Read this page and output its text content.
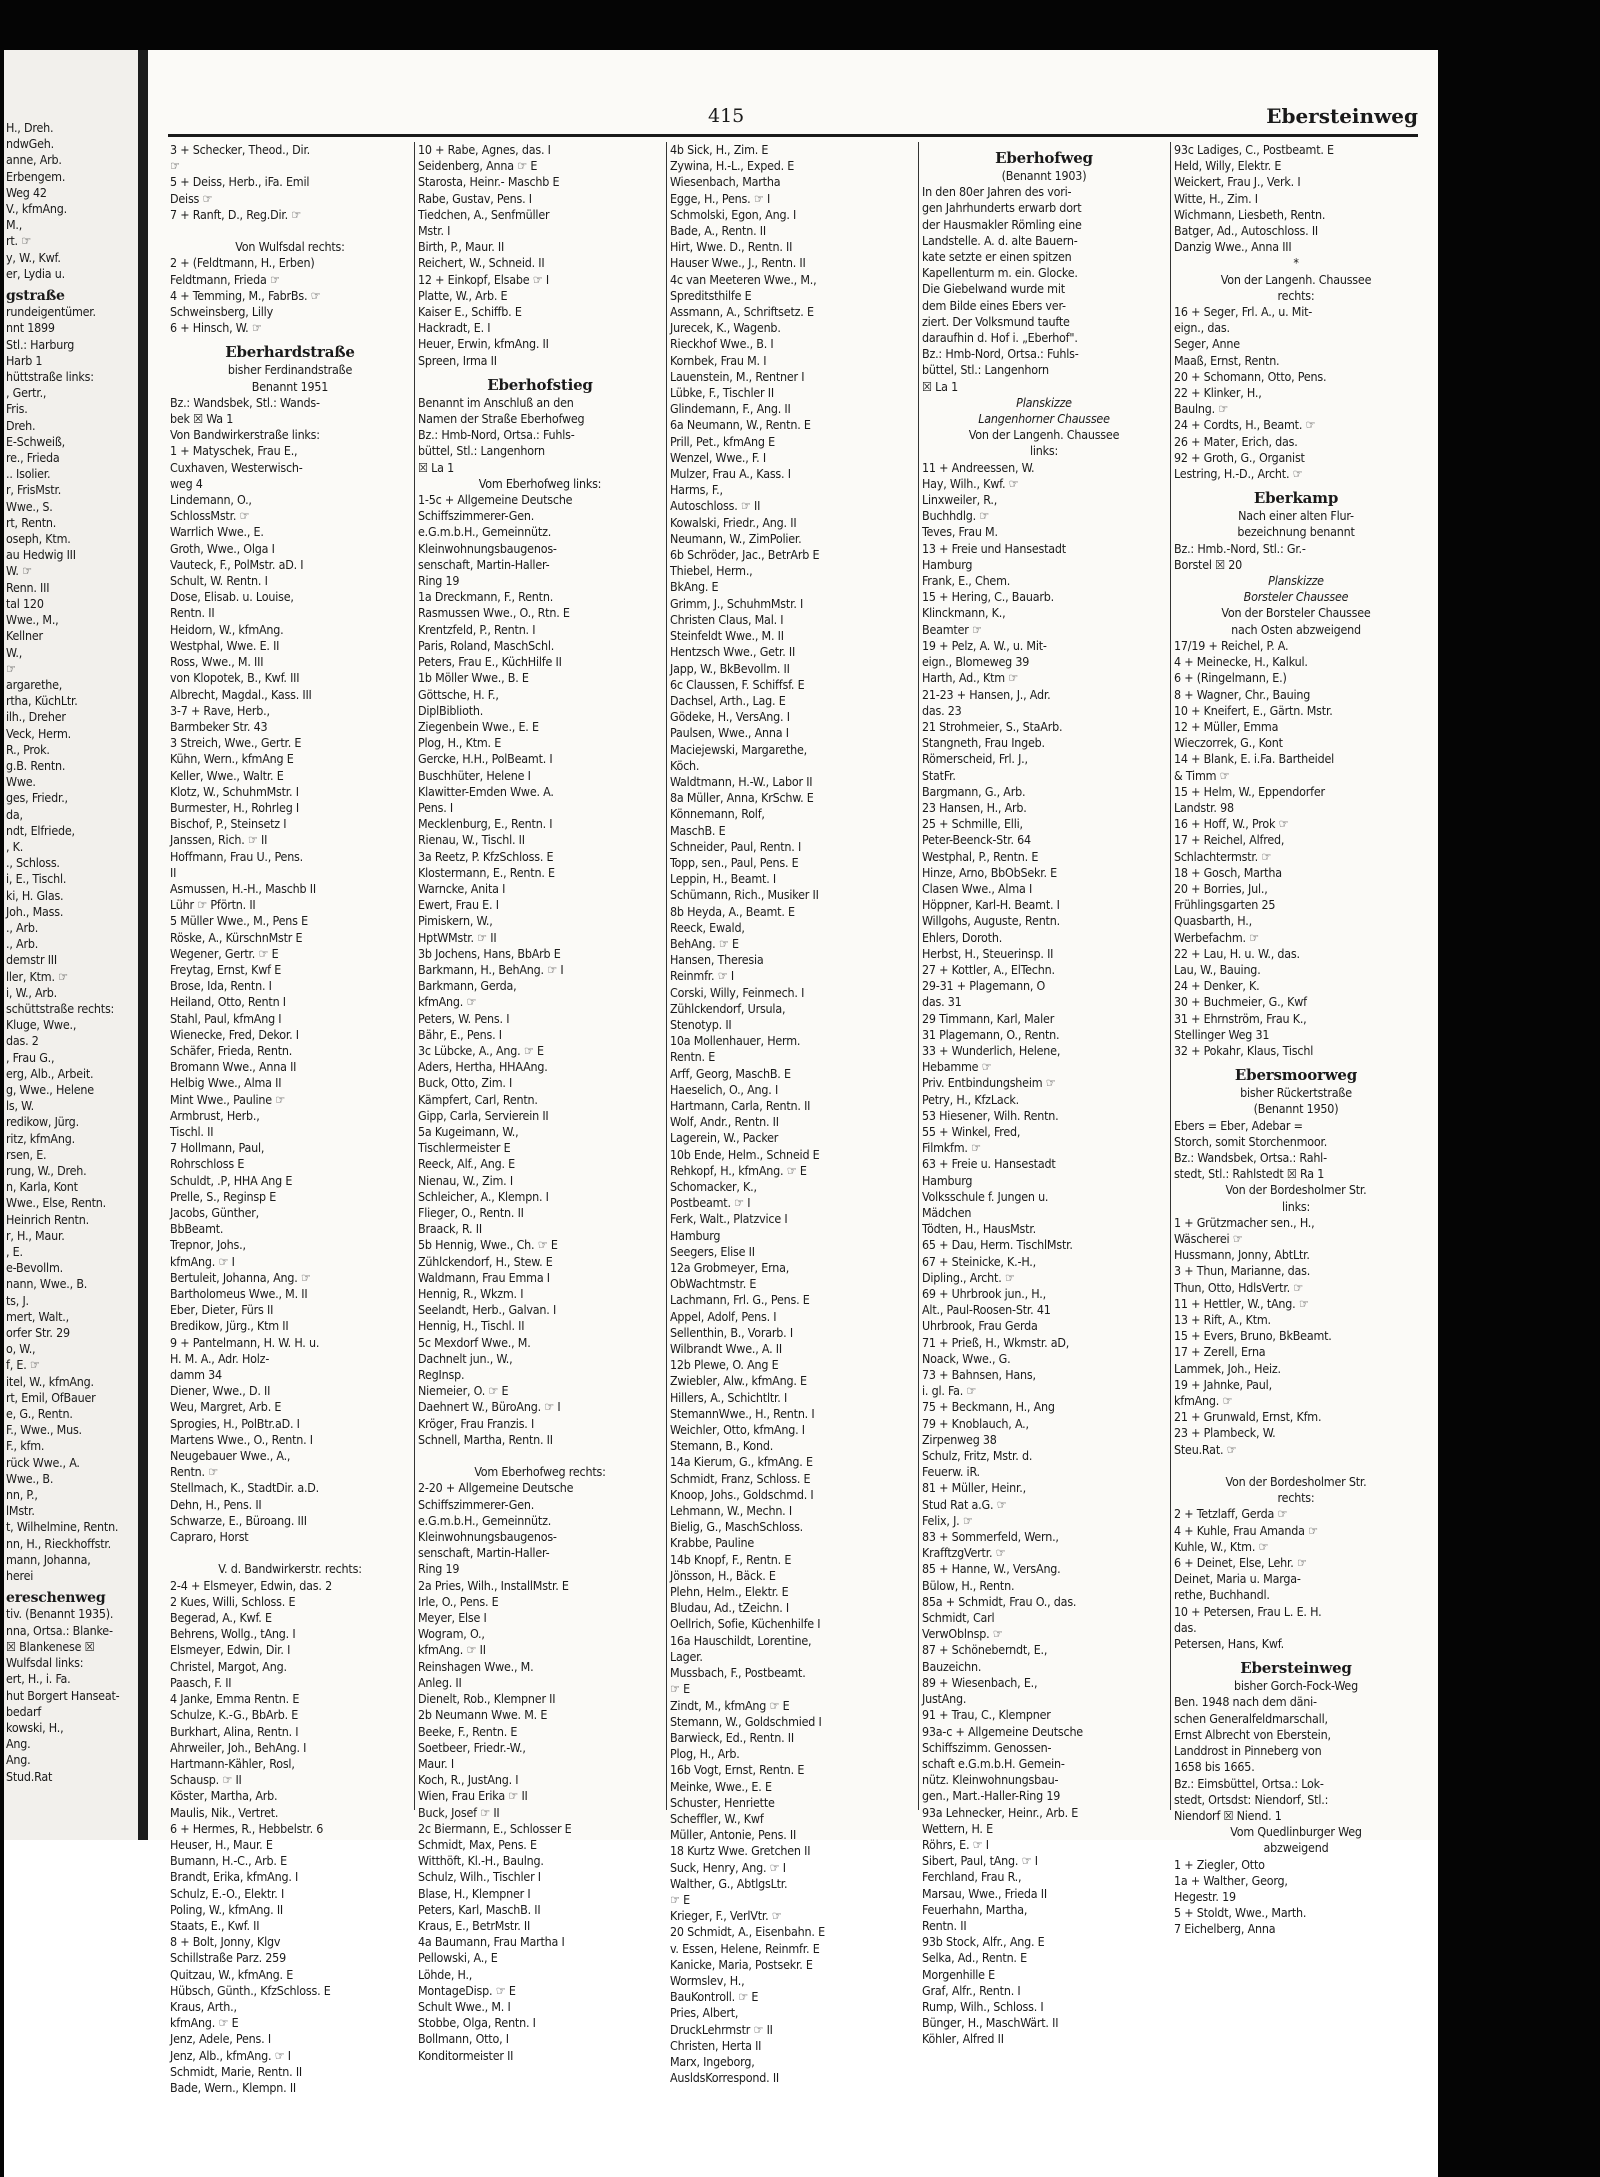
H., Dreh.
ndwGeh.
anne, Arb.
Erbengem.
Weg 42
V., kfmAng.
M.,
rt. ☞
y, W., Kwf.
er, Lydia u.
gstraße
rundeigentümer.
nnt 1899
Stl.: Harburg
Harb 1
hüttstraße links:
, Gertr.,
Fris.
Dreh.
E-Schweiß,
re., Frieda
.. Isolier.
r, FrisMstr.
Wwe., S.
rt, Rentn.
oseph, Ktm.
au Hedwig III
W. ☞
Renn. III
tal 120
Wwe., M.,
Kellner
W.,
☞
argarethe,
rtha, KüchLtr.
ilh., Dreher
Veck, Herm.
R., Prok.
g.B. Rentn.
Wwe.
ges, Friedr.,
da,
ndt, Elfriede,
, K.
., Schloss.
i, E., Tischl.
ki, H. Glas.
Joh., Mass.
., Arb.
., Arb.
demstr III
ller, Ktm. ☞
i, W., Arb.
schüttstraße rechts:
Kluge, Wwe.,
das. 2
, Frau G.,
erg, Alb., Arbeit.
g, Wwe., Helene
ls, W.
redikow, Jürg.
ritz, kfmAng.
rsen, E.
rung, W., Dreh.
n, Karla, Kont
Wwe., Else, Rentn.
Heinrich Rentn.
r, H., Maur.
, E.
e-Bevollm.
nann, Wwe., B.
ts, J.
mert, Walt.,
orfer Str. 29
o, W.,
f, E. ☞
itel, W., kfmAng.
rt, Emil, OfBauer
e, G., Rentn.
F., Wwe., Mus.
F., kfm.
rück Wwe., A.
Wwe., B.
nn, P.,
lMstr.
t, Wilhelmine, Rentn.
nn, H., Rieckhoffstr.
mann, Johanna,
herei
ereschenweg
tiv. (Benannt 1935).
nna, Ortsa.: Blanke-
☒ Blankenese ☒
Wulfsdal links:
ert, H., i. Fa.
hut Borgert Hanseat-
bedarf
kowski, H.,
Ang.
Ang.
Stud.Rat
415	Ebersteinweg
3 + Schecker, Theod., Dir.
☞
5 + Deiss, Herb., iFa. Emil
Deiss ☞
7 + Ranft, D., Reg.Dir. ☞

Von Wulfsdal rechts:
2 + (Feldtmann, H., Erben)
Feldtmann, Frieda ☞
4 + Temming, M., FabrBs. ☞
Schweinsberg, Lilly
6 + Hinsch, W. ☞
Eberhardstraße
bisher Ferdinandstraße
Benannt 1951
Bz.: Wandsbek, Stl.: Wands-
bek ☒ Wa 1
Von Bandwirkerstraße links:
1 + Matyschek, Frau E.,
Cuxhaven, Westerwisch-
weg 4
Lindemann, O.,
SchlossMstr. ☞
Warrlich Wwe., E.
Groth, Wwe., Olga I
Vauteck, F., PolMstr. aD. I
Schult, W. Rentn. I
Dose, Elisab. u. Louise,
Rentn. II
Heidorn, W., kfmAng.
Westphal, Wwe. E. II
Ross, Wwe., M. III
von Klopotek, B., Kwf. III
Albrecht, Magdal., Kass. III
3-7 + Rave, Herb.,
Barmbeker Str. 43
3 Streich, Wwe., Gertr. E
Kühn, Wern., kfmAng E
Keller, Wwe., Waltr. E
Klotz, W., SchuhmMstr. I
Burmester, H., Rohrleg I
Bischof, P., Steinsetz I
Janssen, Rich. ☞ II
Hoffmann, Frau U., Pens.
II
Asmussen, H.-H., Maschb II
Lühr ☞ Pförtn. II
5 Müller Wwe., M., Pens E
Röske, A., KürschnMstr E
Wegener, Gertr. ☞ E
Freytag, Ernst, Kwf E
Brose, Ida, Rentn. I
Heiland, Otto, Rentn I
Stahl, Paul, kfmAng I
Wienecke, Fred, Dekor. I
Schäfer, Frieda, Rentn.
Bromann Wwe., Anna II
Helbig Wwe., Alma II
Mint Wwe., Pauline ☞
Armbrust, Herb.,
Tischl. II
7 Hollmann, Paul,
Rohrschloss E
Schuldt, .P, HHA Ang E
Prelle, S., Reginsp E
Jacobs, Günther,
BbBeamt.
Trepnor, Johs.,
kfmAng. ☞ I
Bertuleit, Johanna, Ang. ☞
Bartholomeus Wwe., M. II
Eber, Dieter, Fürs II
Bredikow, Jürg., Ktm II
9 + Pantelmann, H. W. H. u.
H. M. A., Adr. Holz-
damm 34
Diener, Wwe., D. II
Weu, Margret, Arb. E
Sprogies, H., PolBtr.aD. I
Martens Wwe., O., Rentn. I
Neugebauer Wwe., A.,
Rentn. ☞
Stellmach, K., StadtDir. a.D.
Dehn, H., Pens. II
Schwarze, E., Büroang. III
Capraro, Horst

V. d. Bandwirkerstr. rechts:
2-4 + Elsmeyer, Edwin, das. 2
2 Kues, Willi, Schloss. E
Begerad, A., Kwf. E
Behrens, Wollg., tAng. I
Elsmeyer, Edwin, Dir. I
Christel, Margot, Ang.
Paasch, F. II
4 Janke, Emma Rentn. E
Schulze, K.-G., BbArb. E
Burkhart, Alina, Rentn. I
Ahrweiler, Joh., BehAng. I
Hartmann-Kähler, Rosl,
Schausp. ☞ II
Köster, Martha, Arb.
Maulis, Nik., Vertret.
6 + Hermes, R., Hebbelstr. 6
Heuser, H., Maur. E
Bumann, H.-C., Arb. E
Brandt, Erika, kfmAng. I
Schulz, E.-O., Elektr. I
Poling, W., kfmAng. II
Staats, E., Kwf. II
8 + Bolt, Jonny, Klgv
Schillstraße Parz. 259
Quitzau, W., kfmAng. E
Hübsch, Günth., KfzSchloss. E
Kraus, Arth.,
kfmAng. ☞ E
Jenz, Adele, Pens. I
Jenz, Alb., kfmAng. ☞ I
Schmidt, Marie, Rentn. II
Bade, Wern., Klempn. II
10 + Rabe, Agnes, das. I
Seidenberg, Anna ☞ E
Starosta, Heinr.- Maschb E
Rabe, Gustav, Pens. I
Tiedchen, A., Senfmüller
Mstr. I
Birth, P., Maur. II
Reichert, W., Schneid. II
12 + Einkopf, Elsabe ☞ I
Platte, W., Arb. E
Kaiser E., Schiffb. E
Hackradt, E. I
Heuer, Erwin, kfmAng. II
Spreen, Irma II
Eberhofstieg
Benannt im Anschluß an den
Namen der Straße Eberhofweg
Bz.: Hmb-Nord, Ortsa.: Fuhls-
büttel, Stl.: Langenhorn
☒ La 1
Vom Eberhofweg links:
1-5c + Allgemeine Deutsche
Schiffszimmerer-Gen.
e.G.m.b.H., Gemeinnütz.
Kleinwohnungsbaugenos-
senschaft, Martin-Haller-
Ring 19
1a Dreckmann, F., Rentn.
Rasmussen Wwe., O., Rtn. E
Krentzfeld, P., Rentn. I
Paris, Roland, MaschSchl.
Peters, Frau E., KüchHilfe II
1b Möller Wwe., B. E
Göttsche, H. F.,
DiplBiblioth.
Ziegenbein Wwe., E. E
Plog, H., Ktm. E
Gercke, H.H., PolBeamt. I
Buschhüter, Helene I
Klawitter-Emden Wwe. A.
Pens. I
Mecklenburg, E., Rentn. I
Rienau, W., Tischl. II
3a Reetz, P. KfzSchloss. E
Klostermann, E., Rentn. E
Warncke, Anita I
Ewert, Frau E. I
Pimiskern, W.,
HptWMstr. ☞ II
3b Jochens, Hans, BbArb E
Barkmann, H., BehAng. ☞ I
Barkmann, Gerda,
kfmAng. ☞
Peters, W. Pens. I
Bähr, E., Pens. I
3c Lübcke, A., Ang. ☞ E
Aders, Hertha, HHAAng.
Buck, Otto, Zim. I
Kämpfert, Carl, Rentn.
Gipp, Carla, Servierein II
5a Kugeimann, W.,
Tischlermeister E
Reeck, Alf., Ang. E
Nienau, W., Zim. I
Schleicher, A., Klempn. I
Flieger, O., Rentn. II
Braack, R. II
5b Hennig, Wwe., Ch. ☞ E
Zühlckendorf, H., Stew. E
Waldmann, Frau Emma I
Hennig, R., Wkzm. I
Seelandt, Herb., Galvan. I
Hennig, H., Tischl. II
5c Mexdorf Wwe., M.
Dachnelt jun., W.,
RegInsp.
Niemeier, O. ☞ E
Daehnert W., BüroAng. ☞ I
Kröger, Frau Franzis. I
Schnell, Martha, Rentn. II

Vom Eberhofweg rechts:
2-20 + Allgemeine Deutsche
Schiffszimmerer-Gen.
e.G.m.b.H., Gemeinnütz.
Kleinwohnungsbaugenos-
senschaft, Martin-Haller-
Ring 19
2a Pries, Wilh., InstallMstr. E
Irle, O., Pens. E
Meyer, Else I
Wogram, O.,
kfmAng. ☞ II
Reinshagen Wwe., M.
Anleg. II
Dienelt, Rob., Klempner II
2b Neumann Wwe. M. E
Beeke, F., Rentn. E
Soetbeer, Friedr.-W.,
Maur. I
Koch, R., JustAng. I
Wien, Frau Erika ☞ II
Buck, Josef ☞ II
2c Biermann, E., Schlosser E
Schmidt, Max, Pens. E
Witthöft, Kl.-H., Baulng.
Schulz, Wilh., Tischler I
Blase, H., Klempner I
Peters, Karl, MaschB. II
Kraus, E., BetrMstr. II
4a Baumann, Frau Martha I
Pellowski, A., E
Löhde, H.,
MontageDisp. ☞ E
Schult Wwe., M. I
Stobbe, Olga, Rentn. I
Bollmann, Otto, I
Konditormeister II
4b Sick, H., Zim. E
Zywina, H.-L., Exped. E
Wiesenbach, Martha
Egge, H., Pens. ☞ I
Schmolski, Egon, Ang. I
Bade, A., Rentn. II
Hirt, Wwe. D., Rentn. II
Hauser Wwe., J., Rentn. II
4c van Meeteren Wwe., M.,
Spreditsthilfe E
Assmann, A., Schriftsetz. E
Jurecek, K., Wagenb.
Rieckhof Wwe., B. I
Kornbek, Frau M. I
Lauenstein, M., Rentner I
Lübke, F., Tischler II
Glindemann, F., Ang. II
6a Neumann, W., Rentn. E
Prill, Pet., kfmAng E
Wenzel, Wwe., F. I
Mulzer, Frau A., Kass. I
Harms, F.,
Autoschloss. ☞ II
Kowalski, Friedr., Ang. II
Neumann, W., ZimPolier.
6b Schröder, Jac., BetrArb E
Thiebel, Herm.,
BkAng. E
Grimm, J., SchuhmMstr. I
Christen Claus, Mal. I
Steinfeldt Wwe., M. II
Hentzsch Wwe., Getr. II
Japp, W., BkBevollm. II
6c Claussen, F. Schiffsf. E
Dachsel, Arth., Lag. E
Gödeke, H., VersAng. I
Paulsen, Wwe., Anna I
Maciejewski, Margarethe,
Köch.
Waldtmann, H.-W., Labor II
8a Müller, Anna, KrSchw. E
Könnemann, Rolf,
MaschB. E
Schneider, Paul, Rentn. I
Topp, sen., Paul, Pens. E
Leppin, H., Beamt. I
Schümann, Rich., Musiker II
8b Heyda, A., Beamt. E
Reeck, Ewald,
BehAng. ☞ E
Hansen, Theresia
Reinmfr. ☞ I
Corski, Willy, Feinmech. I
Zühlckendorf, Ursula,
Stenotyp. II
10a Mollenhauer, Herm.
Rentn. E
Arff, Georg, MaschB. E
Haeselich, O., Ang. I
Hartmann, Carla, Rentn. II
Wolf, Andr., Rentn. II
Lagerein, W., Packer
10b Ende, Helm., Schneid E
Rehkopf, H., kfmAng. ☞ E
Schomacker, K.,
Postbeamt. ☞ I
Ferk, Walt., Platzvice I
Hamburg
Seegers, Elise II
12a Grobmeyer, Erna,
ObWachtmstr. E
Lachmann, Frl. G., Pens. E
Appel, Adolf, Pens. I
Sellenthin, B., Vorarb. I
Wilbrandt Wwe., A. II
12b Plewe, O. Ang E
Zwiebler, Alw., kfmAng. E
Hillers, A., Schichtltr. I
StemannWwe., H., Rentn. I
Weichler, Otto, kfmAng. I
Stemann, B., Kond.
14a Kierum, G., kfmAng. E
Schmidt, Franz, Schloss. E
Knoop, Johs., Goldschmd. I
Lehmann, W., Mechn. I
Bielig, G., MaschSchloss.
Krabbe, Pauline
14b Knopf, F., Rentn. E
Jönsson, H., Bäck. E
Plehn, Helm., Elektr. E
Bludau, Ad., tZeichn. I
Oellrich, Sofie, Küchenhilfe I
16a Hauschildt, Lorentine,
Lager.
Mussbach, F., Postbeamt.
☞ E
Zindt, M., kfmAng ☞ E
Stemann, W., Goldschmied I
Barwieck, Ed., Rentn. II
Plog, H., Arb.
16b Vogt, Ernst, Rentn. E
Meinke, Wwe., E. E
Schuster, Henriette
Scheffler, W., Kwf
Müller, Antonie, Pens. II
18 Kurtz Wwe. Gretchen II
Suck, Henry, Ang. ☞ I
Walther, G., AbtlgsLtr.
☞ E
Krieger, F., VerlVtr. ☞
20 Schmidt, A., Eisenbahn. E
v. Essen, Helene, Reinmfr. E
Kanicke, Maria, Postsekr. E
Wormslev, H.,
BauKontroll. ☞ E
Pries, Albert,
DruckLehrmstr ☞ II
Christen, Herta II
Marx, Ingeborg,
AusldsKorrespond. II
Eberhofweg
(Benannt 1903)
In den 80er Jahren des vori-
gen Jahrhunderts erwarb dort
der Hausmakler Römling eine
Landstelle. A. d. alte Bauern-
kate setzte er einen spitzen
Kapellenturm m. ein. Glocke.
Die Giebelwand wurde mit
dem Bilde eines Ebers ver-
ziert. Der Volksmund taufte
daraufhin d. Hof i. „Eberhof".
Bz.: Hmb-Nord, Ortsa.: Fuhls-
büttel, Stl.: Langenhorn
☒ La 1
Planskizze
Langenhorner Chaussee
Von der Langenh. Chaussee
links:
11 + Andreessen, W.
Hay, Wilh., Kwf. ☞
Linxweiler, R.,
Buchhdlg. ☞
Teves, Frau M.
13 + Freie und Hansestadt
Hamburg
Frank, E., Chem.
15 + Hering, C., Bauarb.
Klinckmann, K.,
Beamter ☞
19 + Pelz, A. W., u. Mit-
eign., Blomeweg 39
Harth, Ad., Ktm ☞
21-23 + Hansen, J., Adr.
das. 23
21 Strohmeier, S., StaArb.
Stangneth, Frau Ingeb.
Römerscheid, Frl. J.,
StatFr.
Bargmann, G., Arb.
23 Hansen, H., Arb.
25 + Schmille, Elli,
Peter-Beenck-Str. 64
Westphal, P., Rentn. E
Hinze, Arno, BbObSekr. E
Clasen Wwe., Alma I
Höppner, Karl-H. Beamt. I
Willgohs, Auguste, Rentn.
Ehlers, Doroth.
Herbst, H., Steuerinsp. II
27 + Kottler, A., ElTechn.
29-31 + Plagemann, O
das. 31
29 Timmann, Karl, Maler
31 Plagemann, O., Rentn.
33 + Wunderlich, Helene,
Hebamme ☞
Priv. Entbindungsheim ☞
Petry, H., KfzLack.
53 Hiesener, Wilh. Rentn.
55 + Winkel, Fred,
Filmkfm. ☞
63 + Freie u. Hansestadt
Hamburg
Volksschule f. Jungen u.
Mädchen
Tödten, H., HausMstr.
65 + Dau, Herm. TischlMstr.
67 + Steinicke, K.-H.,
Dipling., Archt. ☞
69 + Uhrbrook jun., H.,
Alt., Paul-Roosen-Str. 41
Uhrbrook, Frau Gerda
71 + Prieß, H., Wkmstr. aD,
Noack, Wwe., G.
73 + Bahnsen, Hans,
i. gl. Fa. ☞
75 + Beckmann, H., Ang
79 + Knoblauch, A.,
Zirpenweg 38
Schulz, Fritz, Mstr. d.
Feuerw. iR.
81 + Müller, Heinr.,
Stud Rat a.G. ☞
Felix, J. ☞
83 + Sommerfeld, Wern.,
KrafftzgVertr. ☞
85 + Hanne, W., VersAng.
Bülow, H., Rentn.
85a + Schmidt, Frau O., das.
Schmidt, Carl
VerwOblnsp. ☞
87 + Schöneberndt, E.,
Bauzeichn.
89 + Wiesenbach, E.,
JustAng.
91 + Trau, C., Klempner
93a-c + Allgemeine Deutsche
Schiffszimm. Genossen-
schaft e.G.m.b.H. Gemein-
nütz. Kleinwohnungsbau-
gen., Mart.-Haller-Ring 19
93a Lehnecker, Heinr., Arb. E
Wettern, H. E
Röhrs, E. ☞ I
Sibert, Paul, tAng. ☞ I
Ferchland, Frau R.,
Marsau, Wwe., Frieda II
Feuerhahn, Martha,
Rentn. II
93b Stock, Alfr., Ang. E
Selka, Ad., Rentn. E
Morgenhille E
Graf, Alfr., Rentn. I
Rump, Wilh., Schloss. I
Bünger, H., MaschWärt. II
Köhler, Alfred II
93c Ladiges, C., Postbeamt. E
Held, Willy, Elektr. E
Weickert, Frau J., Verk. I
Witte, H., Zim. I
Wichmann, Liesbeth, Rentn.
Batger, Ad., Autoschloss. II
Danzig Wwe., Anna III
*
Von der Langenh. Chaussee
rechts:
16 + Seger, Frl. A., u. Mit-
eign., das.
Seger, Anne
Maaß, Ernst, Rentn.
20 + Schomann, Otto, Pens.
22 + Klinker, H.,
Baulng. ☞
24 + Cordts, H., Beamt. ☞
26 + Mater, Erich, das.
92 + Groth, G., Organist
Lestring, H.-D., Archt. ☞
Eberkamp
Nach einer alten Flur-
bezeichnung benannt
Bz.: Hmb.-Nord, Stl.: Gr.-
Borstel ☒ 20
Planskizze
Borsteler Chaussee
Von der Borsteler Chaussee
nach Osten abzweigend
17/19 + Reichel, P. A.
4 + Meinecke, H., Kalkul.
6 + (Ringelmann, E.)
8 + Wagner, Chr., Bauing
10 + Kneifert, E., Gärtn. Mstr.
12 + Müller, Emma
Wieczorrek, G., Kont
14 + Blank, E. i.Fa. Bartheidel
& Timm ☞
15 + Helm, W., Eppendorfer
Landstr. 98
16 + Hoff, W., Prok ☞
17 + Reichel, Alfred,
Schlachtermstr. ☞
18 + Gosch, Martha
20 + Borries, Jul.,
Frühlingsgarten 25
Quasbarth, H.,
Werbefachm. ☞
22 + Lau, H. u. W., das.
Lau, W., Bauing.
24 + Denker, K.
30 + Buchmeier, G., Kwf
31 + Ehrnström, Frau K.,
Stellinger Weg 31
32 + Pokahr, Klaus, Tischl
Ebersmoorweg
bisher Rückertstraße
(Benannt 1950)
Ebers = Eber, Adebar =
Storch, somit Storchenmoor.
Bz.: Wandsbek, Ortsa.: Rahl-
stedt, Stl.: Rahlstedt ☒ Ra 1
Von der Bordesholmer Str.
links:
1 + Grützmacher sen., H.,
Wäscherei ☞
Hussmann, Jonny, AbtLtr.
3 + Thun, Marianne, das.
Thun, Otto, HdlsVertr. ☞
11 + Hettler, W., tAng. ☞
13 + Rift, A., Ktm.
15 + Evers, Bruno, BkBeamt.
17 + Zerell, Erna
Lammek, Joh., Heiz.
19 + Jahnke, Paul,
kfmAng. ☞
21 + Grunwald, Ernst, Kfm.
23 + Plambeck, W.
Steu.Rat. ☞

Von der Bordesholmer Str.
rechts:
2 + Tetzlaff, Gerda ☞
4 + Kuhle, Frau Amanda ☞
Kuhle, W., Ktm. ☞
6 + Deinet, Else, Lehr. ☞
Deinet, Maria u. Marga-
rethe, Buchhandl.
10 + Petersen, Frau L. E. H.
das.
Petersen, Hans, Kwf.
Ebersteinweg
bisher Gorch-Fock-Weg
Ben. 1948 nach dem däni-
schen Generalfeldmarschall,
Ernst Albrecht von Eberstein,
Landdrost in Pinneberg von
1658 bis 1665.
Bz.: Eimsbüttel, Ortsa.: Lok-
stedt, Ortsdst: Niendorf, Stl.:
Niendorf ☒ Niend. 1
Vom Quedlinburger Weg
abzweigend
1 + Ziegler, Otto
1a + Walther, Georg,
Hegestr. 19
5 + Stoldt, Wwe., Marth.
7 Eichelberg, Anna
